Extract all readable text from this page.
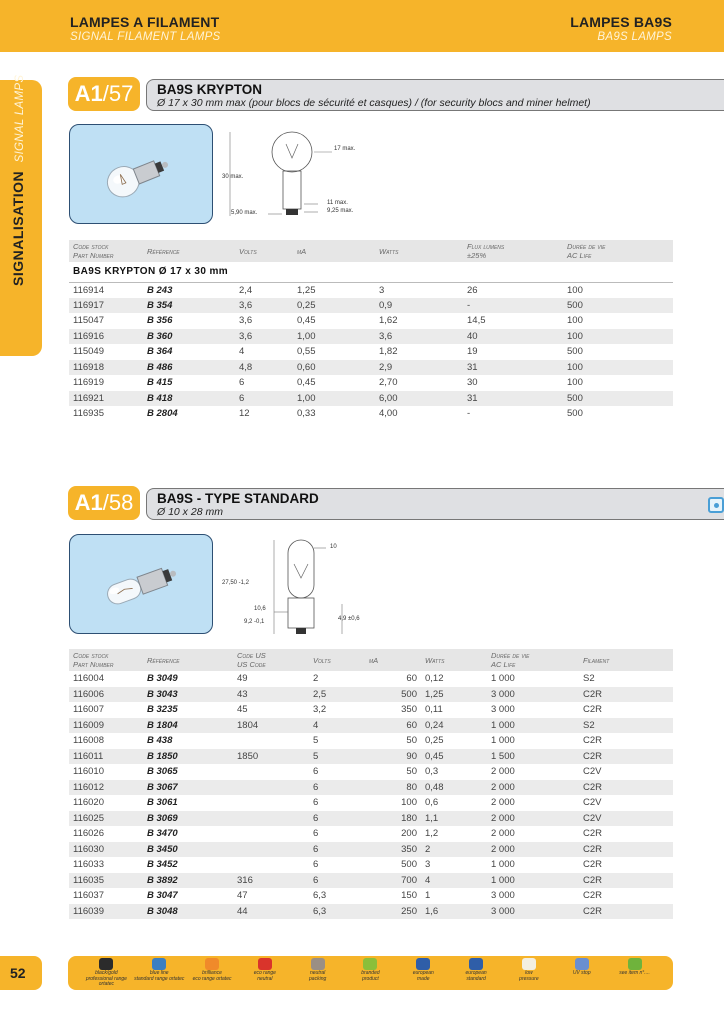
LAMPES A FILAMENT
SIGNAL FILAMENT LAMPS
LAMPES BA9S
BA9S LAMPS
SIGNALISATION SIGNAL LAMPS	A1/57	BA9S KRYPTON
Ø 17 x 30 mm max (pour blocs de sécurité et casques) / (for security blocs and miner helmet)
17 max.
30 max.
5,90 max.
11 max.
9,25 max.
Code stock
Part Number	Référence	Volts	mA	Watts	Flux lumens
±25%	Durée de vie
AC Life
BA9S KRYPTON Ø 17 x 30 mm						
116914	B 243	2,4	1,25	3	26	100
116917	B 354	3,6	0,25	0,9	-	500
115047	B 356	3,6	0,45	1,62	14,5	100
116916	B 360	3,6	1,00	3,6	40	100
115049	B 364	4	0,55	1,82	19	500
116918	B 486	4,8	0,60	2,9	31	100
116919	B 415	6	0,45	2,70	30	100
116921	B 418	6	1,00	6,00	31	500
116935	B 2804	12	0,33	4,00	-	500
A1/58	BA9S - TYPE STANDARD
Ø 10 x 28 mm
10
27,50 -1,2
10,6
9,2 -0,1	4,9 ±0,6
Code stock
Part Number	Référence	Code US
US Code	Volts	mA	Watts	Durée de vie
AC Life	Filament
116004	B 3049	49	2	60	0,12	1 000	S2
116006	B 3043	43	2,5	500	1,25	3 000	C2R
116007	B 3235	45	3,2	350	0,11	3 000	C2R
116009	B 1804	1804	4	60	0,24	1 000	S2
116008	B 438		5	50	0,25	1 000	C2R
116011	B 1850	1850	5	90	0,45	1 500	C2R
116010	B 3065		6	50	0,3	2 000	C2V
116012	B 3067		6	80	0,48	2 000	C2R
116020	B 3061		6	100	0,6	2 000	C2V
116025	B 3069		6	180	1,1	2 000	C2V
116026	B 3470		6	200	1,2	2 000	C2R
116030	B 3450		6	350	2	2 000	C2R
116033	B 3452		6	500	3	1 000	C2R
116035	B 3892	316	6	700	4	1 000	C2R
116037	B 3047	47	6,3	150	1	3 000	C2R
116039	B 3048	44	6,3	250	1,6	3 000	C2R
52	black/gold
professional range ortatec
blue line
standard range ortatec
brilliance
eco range ortatec
eco range
neutral
neutral
packing
branded
product
european
made
european
standard
low
pressure
UV stop	see item n°....
